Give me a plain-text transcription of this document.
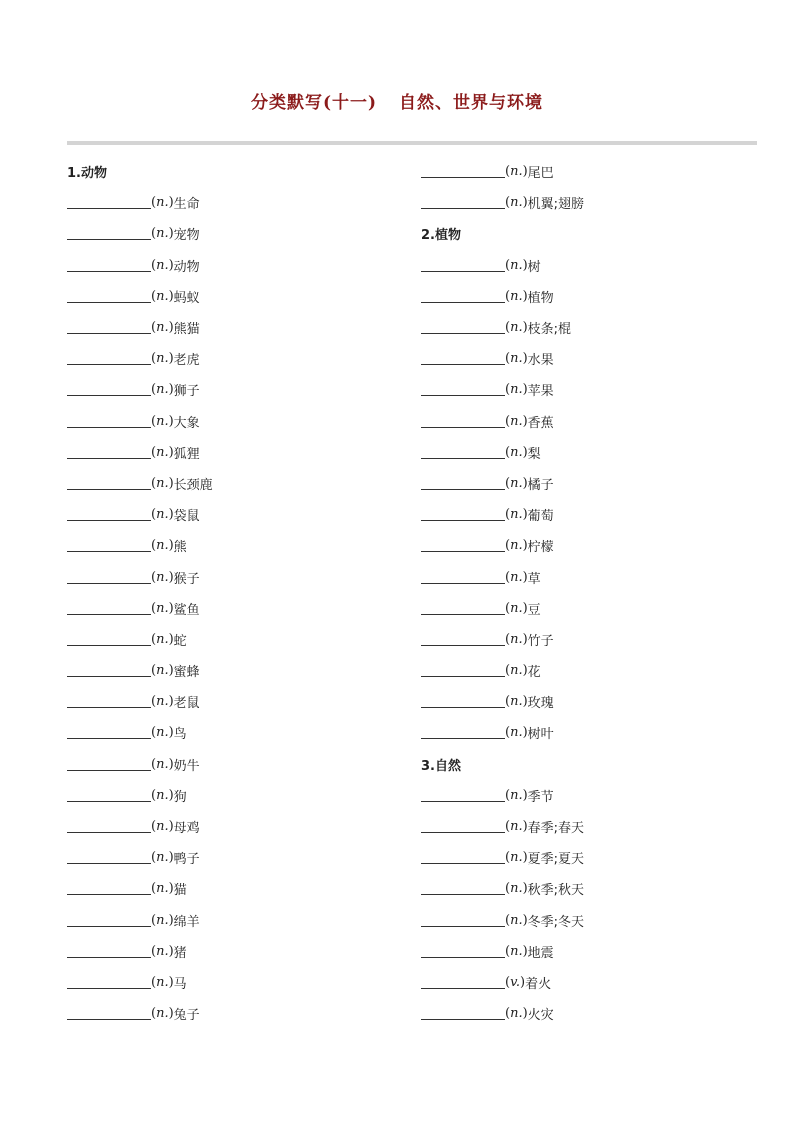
分类默写(十一) 自然、世界与环境
1.动物
(n.) 生命
(n.) 宠物
(n.) 动物
(n.) 蚂蚁
(n.) 熊猫
(n.) 老虎
(n.) 狮子
(n.) 大象
(n.) 狐狸
(n.) 长颈鹿
(n.) 袋鼠
(n.) 熊
(n.) 猴子
(n.) 鲨鱼
(n.) 蛇
(n.) 蜜蜂
(n.) 老鼠
(n.) 鸟
(n.) 奶牛
(n.) 狗
(n.) 母鸡
(n.) 鸭子
(n.) 猫
(n.) 绵羊
(n.) 猪
(n.) 马
(n.) 兔子
(n.) 尾巴
(n.) 机翼;翅膀
2.植物
(n.) 树
(n.) 植物
(n.) 枝条;棍
(n.) 水果
(n.) 苹果
(n.) 香蕉
(n.) 梨
(n.) 橘子
(n.) 葡萄
(n.) 柠檬
(n.) 草
(n.) 豆
(n.) 竹子
(n.) 花
(n.) 玫瑰
(n.) 树叶
3.自然
(n.) 季节
(n.) 春季;春天
(n.) 夏季;夏天
(n.) 秋季;秋天
(n.) 冬季;冬天
(n.) 地震
(v.) 着火
(n.) 火灾
